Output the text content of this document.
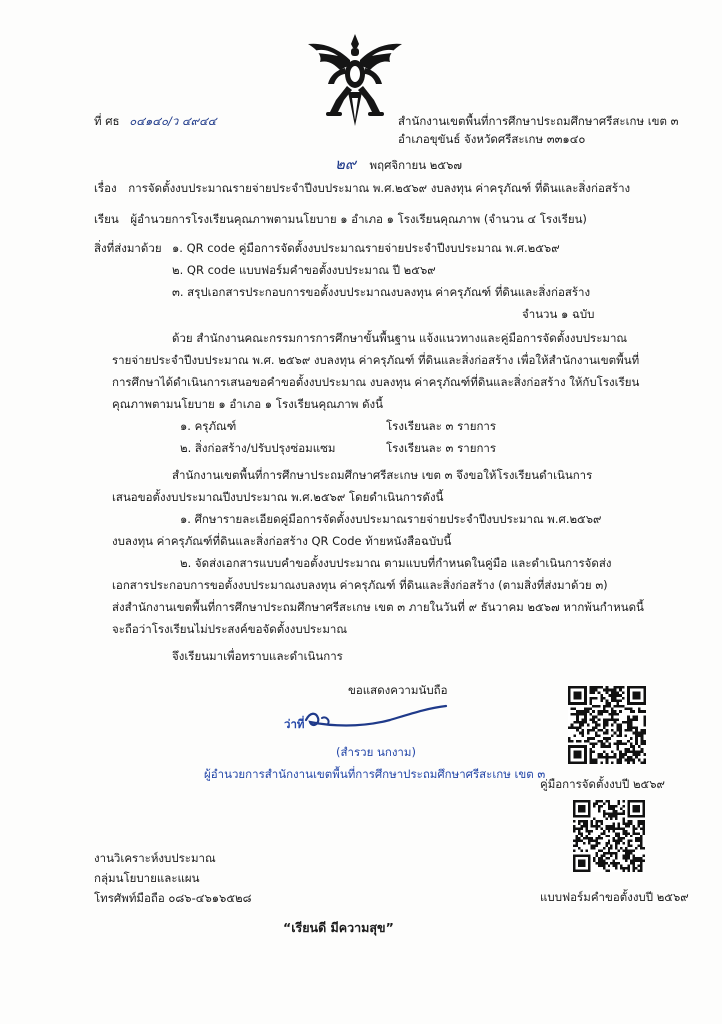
ที่ ศธ ๐๔๑๔๐/ว ๔๙๔๔	สำนักงานเขตพื้นที่การศึกษาประถมศึกษาศรีสะเกษ เขต ๓
อำเภอขุขันธ์ จังหวัดศรีสะเกษ ๓๓๑๔๐
๒๙ พฤศจิกายน ๒๕๖๗
เรื่อง การจัดตั้งงบประมาณรายจ่ายประจำปีงบประมาณ พ.ศ.๒๕๖๙ งบลงทุน ค่าครุภัณฑ์ ที่ดินและสิ่งก่อสร้าง
เรียน ผู้อำนวยการโรงเรียนคุณภาพตามนโยบาย ๑ อำเภอ ๑ โรงเรียนคุณภาพ (จำนวน ๔ โรงเรียน)
สิ่งที่ส่งมาด้วย ๑. QR code คู่มือการจัดตั้งงบประมาณรายจ่ายประจำปีงบประมาณ พ.ศ.๒๕๖๙
๒. QR code แบบฟอร์มคำขอตั้งงบประมาณ ปี ๒๕๖๙
๓. สรุปเอกสารประกอบการขอตั้งงบประมาณงบลงทุน ค่าครุภัณฑ์ ที่ดินและสิ่งก่อสร้าง
จำนวน ๑ ฉบับ
ด้วย สำนักงานคณะกรรมการการศึกษาขั้นพื้นฐาน แจ้งแนวทางและคู่มือการจัดตั้งงบประมาณ
รายจ่ายประจำปีงบประมาณ พ.ศ. ๒๕๖๙ งบลงทุน ค่าครุภัณฑ์ ที่ดินและสิ่งก่อสร้าง เพื่อให้สำนักงานเขตพื้นที่
การศึกษาได้ดำเนินการเสนอขอคำขอตั้งงบประมาณ งบลงทุน ค่าครุภัณฑ์ที่ดินและสิ่งก่อสร้าง ให้กับโรงเรียน
คุณภาพตามนโยบาย ๑ อำเภอ ๑ โรงเรียนคุณภาพ ดังนี้
๑. ครุภัณฑ์	โรงเรียนละ ๓ รายการ
๒. สิ่งก่อสร้าง/ปรับปรุงซ่อมแซม	โรงเรียนละ ๓ รายการ
สำนักงานเขตพื้นที่การศึกษาประถมศึกษาศรีสะเกษ เขต ๓ จึงขอให้โรงเรียนดำเนินการ
เสนอขอตั้งงบประมาณปีงบประมาณ พ.ศ.๒๕๖๙ โดยดำเนินการดังนี้
๑. ศึกษารายละเอียดคู่มือการจัดตั้งงบประมาณรายจ่ายประจำปีงบประมาณ พ.ศ.๒๕๖๙
งบลงทุน ค่าครุภัณฑ์ที่ดินและสิ่งก่อสร้าง QR Code ท้ายหนังสือฉบับนี้
๒. จัดส่งเอกสารแบบคำขอตั้งงบประมาณ ตามแบบที่กำหนดในคู่มือ และดำเนินการจัดส่ง
เอกสารประกอบการขอตั้งงบประมาณงบลงทุน ค่าครุภัณฑ์ ที่ดินและสิ่งก่อสร้าง (ตามสิ่งที่ส่งมาด้วย ๓)
ส่งสำนักงานเขตพื้นที่การศึกษาประถมศึกษาศรีสะเกษ เขต ๓ ภายในวันที่ ๙ ธันวาคม ๒๕๖๗ หากพ้นกำหนดนี้
จะถือว่าโรงเรียนไม่ประสงค์ขอจัดตั้งงบประมาณ
จึงเรียนมาเพื่อทราบและดำเนินการ
ขอแสดงความนับถือ
ว่าที่
(สำรวย นกงาม)
ผู้อำนวยการสำนักงานเขตพื้นที่การศึกษาประถมศึกษาศรีสะเกษ เขต ๓
คู่มือการจัดตั้งงบปี ๒๕๖๙
แบบฟอร์มคำขอตั้งงบปี ๒๕๖๙
งานวิเคราะห์งบประมาณ
กลุ่มนโยบายและแผน
โทรศัพท์มือถือ ๐๘๖-๔๖๑๖๕๒๘
“เรียนดี มีความสุข”
